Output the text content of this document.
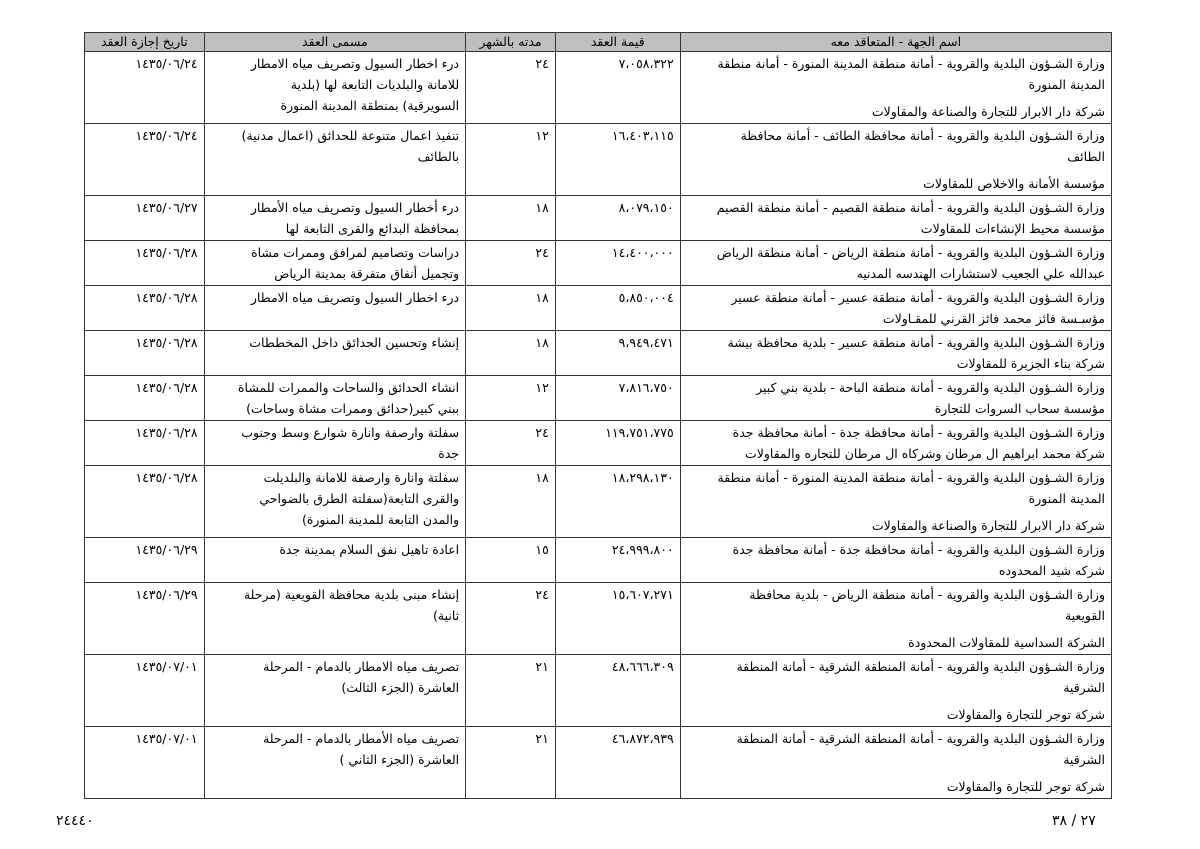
اسم الجهة - المتعاقد معه	قيمة العقد	مدته بالشهر	مسمى العقد	تاريخ إجازة العقد

وزارة الشـؤون البلدية والقروية - أمانة منطقة المدينة المنورة - أمانة منطقة
المدينة المنورة
شركة دار الابرار للتجارة والصناعة والمقاولات	٧،٠٥٨،٣٢٢	٢٤	درء اخطار السيول وتصريف مياه الامطار
للامانة والبلديات التابعة لها (بلدية
السويرقية) بمنطقة المدينة المنورة	١٤٣٥/٠٦/٢٤

وزارة الشـؤون البلدية والقروية - أمانة محافظة الطائف - أمانة محافظة
الطائف
مؤسسة الأمانة والاخلاص للمقاولات	١٦،٤٠٣،١١٥	١٢	تنفيذ اعمال متنوعة للحدائق (اعمال مدنية)
بالطائف	١٤٣٥/٠٦/٢٤

وزارة الشـؤون البلدية والقروية - أمانة منطقة القصيم - أمانة منطقة القصيم
مؤسسة محيط الإنشاءات للمقاولات	٨،٠٧٩،١٥٠	١٨	درء أخطار السيول وتصريف مياه الأمطار
بمحافظة البدائع والقرى التابعة لها	١٤٣٥/٠٦/٢٧

وزارة الشـؤون البلدية والقروية - أمانة منطقة الرياض - أمانة منطقة الرياض
عبدالله علي الجعيب لاستشارات الهندسه المدنيه	١٤،٤٠٠،٠٠٠	٢٤	دراسات وتصاميم لمرافق وممرات مشاة
وتجميل أنفاق متفرقة بمدينة الرياض	١٤٣٥/٠٦/٢٨

وزارة الشـؤون البلدية والقروية - أمانة منطقة عسير - أمانة منطقة عسير
مؤسـسة فائز محمد فائز القرني للمقـاولات	٥،٨٥٠،٠٠٤	١٨	درء اخطار السيول وتصريف مياه الامطار	١٤٣٥/٠٦/٢٨

وزارة الشـؤون البلدية والقروية - أمانة منطقة عسير - بلدية محافظة بيشة
شركة بناء الجزيرة للمقاولات	٩،٩٤٩،٤٧١	١٨	إنشاء وتحسين الحدائق داخل المخططات	١٤٣٥/٠٦/٢٨

وزارة الشـؤون البلدية والقروية - أمانة منطقة الباحة - بلدية بني كبير
مؤسسة سحاب السروات للتجارة	٧،٨١٦،٧٥٠	١٢	انشاء الحدائق والساحات والممرات للمشاة
ببني كبير(حدائق وممرات مشاة وساحات)	١٤٣٥/٠٦/٢٨

وزارة الشـؤون البلدية والقروية - أمانة محافظة جدة - أمانة محافظة جدة
شركة محمد ابراهيم ال مرطان وشركاه ال مرطان للتجاره والمقاولات	١١٩،٧٥١،٧٧٥	٢٤	سفلتة وارصفة وانارة شوارع وسط وجنوب
جدة	١٤٣٥/٠٦/٢٨

وزارة الشـؤون البلدية والقروية - أمانة منطقة المدينة المنورة - أمانة منطقة
المدينة المنورة
شركة دار الابرار للتجارة والصناعة والمقاولات	١٨،٢٩٨،١٣٠	١٨	سفلتة وانارة وارصفة للامانة والبلديلت
والقرى التابعة(سفلتة الطرق بالضواحي
والمدن التابعة للمدينة المنورة)	١٤٣٥/٠٦/٢٨

وزارة الشـؤون البلدية والقروية - أمانة محافظة جدة - أمانة محافظة جدة
شركه شيد المحدوده	٢٤،٩٩٩،٨٠٠	١٥	اعادة تاهيل نفق السلام بمدينة جدة	١٤٣٥/٠٦/٢٩

وزارة الشـؤون البلدية والقروية - أمانة منطقة الرياض - بلدية محافظة
القويعية
الشركة السداسية للمقاولات المحدودة	١٥،٦٠٧،٢٧١	٢٤	إنشاء مبنى بلدية محافظة القويعية (مرحلة
ثانية)	١٤٣٥/٠٦/٢٩

وزارة الشـؤون البلدية والقروية - أمانة المنطقة الشرقية - أمانة المنطقة
الشرقية
شركة توجر للتجارة والمقاولات	٤٨،٦٦٦،٣٠٩	٢١	تصريف مياه الامطار بالدمام - المرحلة
العاشرة (الجزء الثالث)	١٤٣٥/٠٧/٠١

وزارة الشـؤون البلدية والقروية - أمانة المنطقة الشرقية - أمانة المنطقة
الشرقية
شركة توجر للتجارة والمقاولات	٤٦،٨٧٢،٩٣٩	٢١	تصريف مياه الأمطار بالدمام - المرحلة
العاشرة (الجزء الثاني )	١٤٣٥/٠٧/٠١
٢٧ / ٣٨
٢٤٤٤٠
